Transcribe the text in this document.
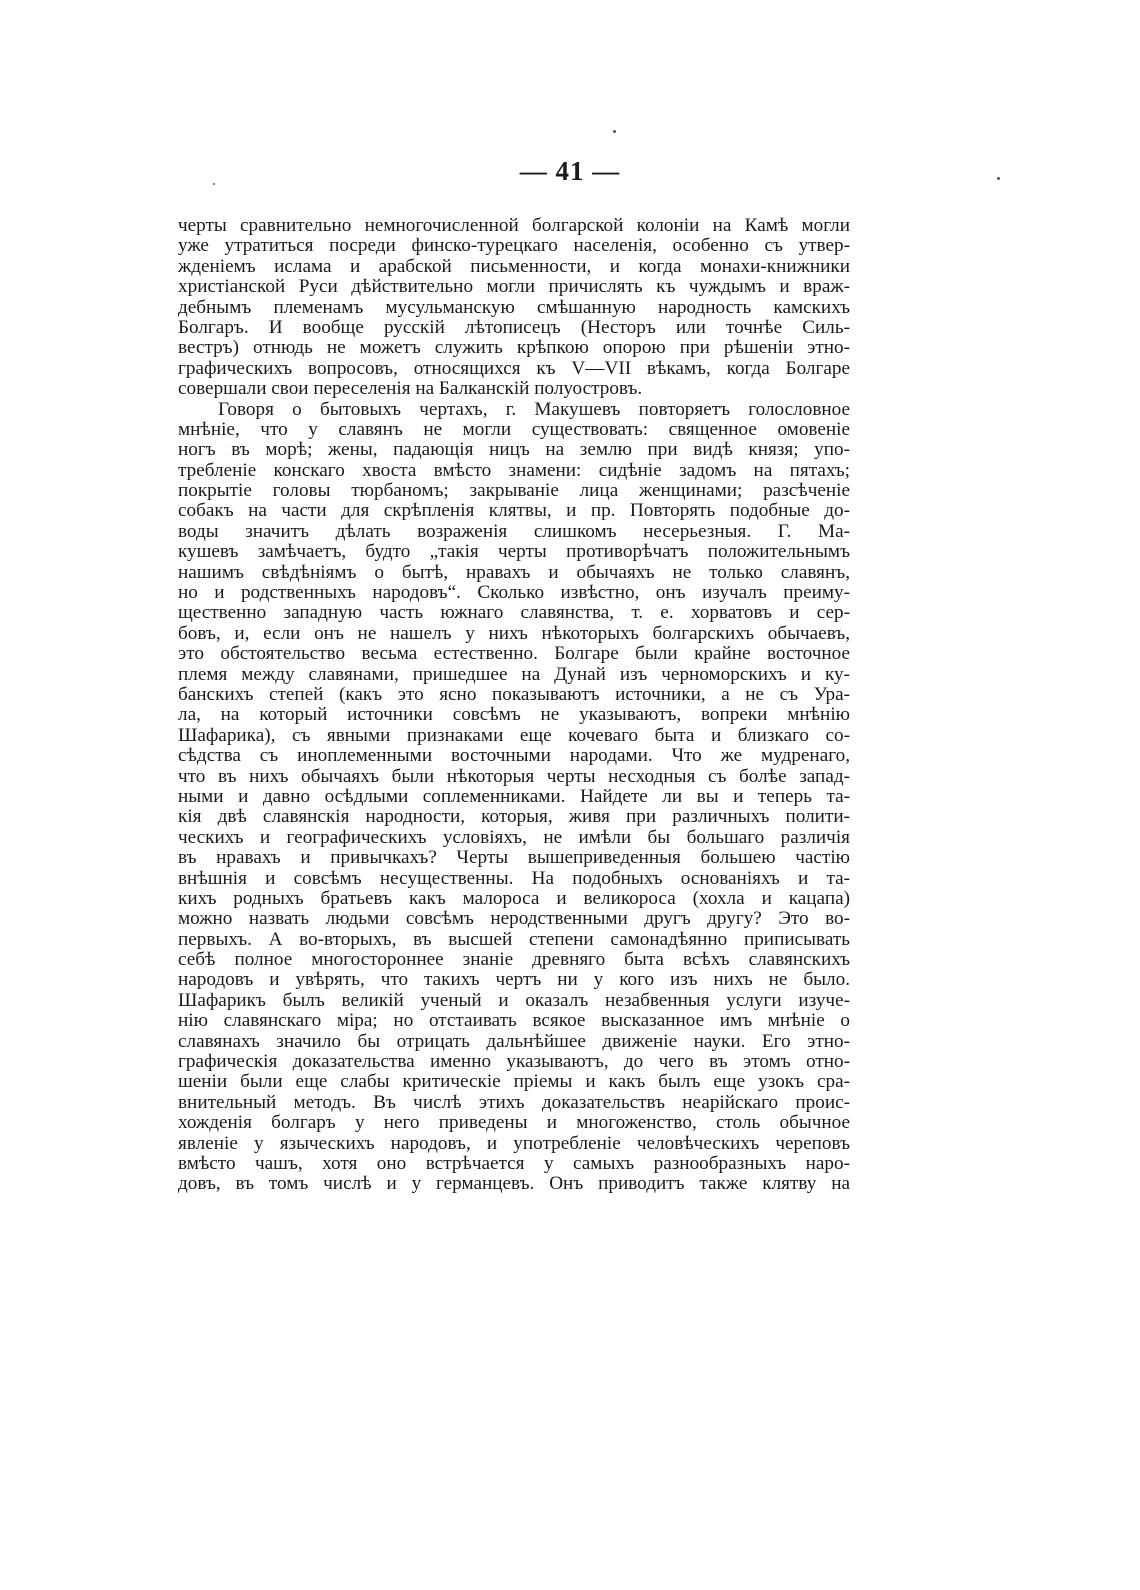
— 41 —
черты сравнительно немногочисленной болгарской колоніи на Камѣ могли
уже утратиться посреди финско-турецкаго населенія, особенно съ утвер-
жденіемъ ислама и арабской письменности, и когда монахи-книжники
христіанской Руси дѣйствительно могли причислять къ чуждымъ и враж-
дебнымъ племенамъ мусульманскую смѣшанную народность камскихъ
Болгаръ. И вообще русскій лѣтописецъ (Несторъ или точнѣе Силь-
вестръ) отнюдь не можетъ служить крѣпкою опорою при рѣшеніи этно-
графическихъ вопросовъ, относящихся къ V—VII вѣкамъ, когда Болгаре
совершали свои переселенія на Балканскій полуостровъ.
Говоря о бытовыхъ чертахъ, г. Макушевъ повторяетъ голословное
мнѣніе, что у славянъ не могли существовать: священное омовеніе
ногъ въ морѣ; жены, падающія ницъ на землю при видѣ князя; упо-
требленіе конскаго хвоста вмѣсто знамени: сидѣніе задомъ на пятахъ;
покрытіе головы тюрбаномъ; закрываніе лица женщинами; разсѣченіе
собакъ на части для скрѣпленія клятвы, и пр. Повторять подобные до-
воды значитъ дѣлать возраженія слишкомъ несерьезныя. Г. Ма-
кушевъ замѣчаетъ, будто „такія черты противорѣчатъ положительнымъ
нашимъ свѣдѣніямъ о бытѣ, нравахъ и обычаяхъ не только славянъ,
но и родственныхъ народовъ“. Сколько извѣстно, онъ изучалъ преиму-
щественно западную часть южнаго славянства, т. е. хорватовъ и сер-
бовъ, и, если онъ не нашелъ у нихъ нѣкоторыхъ болгарскихъ обычаевъ,
это обстоятельство весьма естественно. Болгаре были крайне восточное
племя между славянами, пришедшее на Дунай изъ черноморскихъ и ку-
банскихъ степей (какъ это ясно показываютъ источники, а не съ Ура-
ла, на который источники совсѣмъ не указываютъ, вопреки мнѣнію
Шафарика), съ явными признаками еще кочеваго быта и близкаго со-
сѣдства съ иноплеменными восточными народами. Что же мудренаго,
что въ нихъ обычаяхъ были нѣкоторыя черты несходныя съ болѣе запад-
ными и давно осѣдлыми соплеменниками. Найдете ли вы и теперь та-
кія двѣ славянскія народности, которыя, живя при различныхъ полити-
ческихъ и географическихъ условіяхъ, не имѣли бы большаго различія
въ нравахъ и привычкахъ? Черты вышеприведенныя большею частію
внѣшнія и совсѣмъ несущественны. На подобныхъ основаніяхъ и та-
кихъ родныхъ братьевъ какъ малороса и великороса (хохла и кацапа)
можно назвать людьми совсѣмъ неродственными другъ другу? Это во-
первыхъ. А во-вторыхъ, въ высшей степени самонадѣянно приписывать
себѣ полное многостороннее знаніе древняго быта всѣхъ славянскихъ
народовъ и увѣрять, что такихъ чертъ ни у кого изъ нихъ не было.
Шафарикъ былъ великій ученый и оказалъ незабвенныя услуги изуче-
нію славянскаго міра; но отстаивать всякое высказанное имъ мнѣніе о
славянахъ значило бы отрицать дальнѣйшее движеніе науки. Его этно-
графическія доказательства именно указываютъ, до чего въ этомъ отно-
шеніи были еще слабы критическіе пріемы и какъ былъ еще узокъ сра-
внительный методъ. Въ числѣ этихъ доказательствъ неарійскаго проис-
хожденія болгаръ у него приведены и многоженство, столь обычное
явленіе у языческихъ народовъ, и употребленіе человѣческихъ череповъ
вмѣсто чашъ, хотя оно встрѣчается у самыхъ разнообразныхъ наро-
довъ, въ томъ числѣ и у германцевъ. Онъ приводитъ также клятву на
